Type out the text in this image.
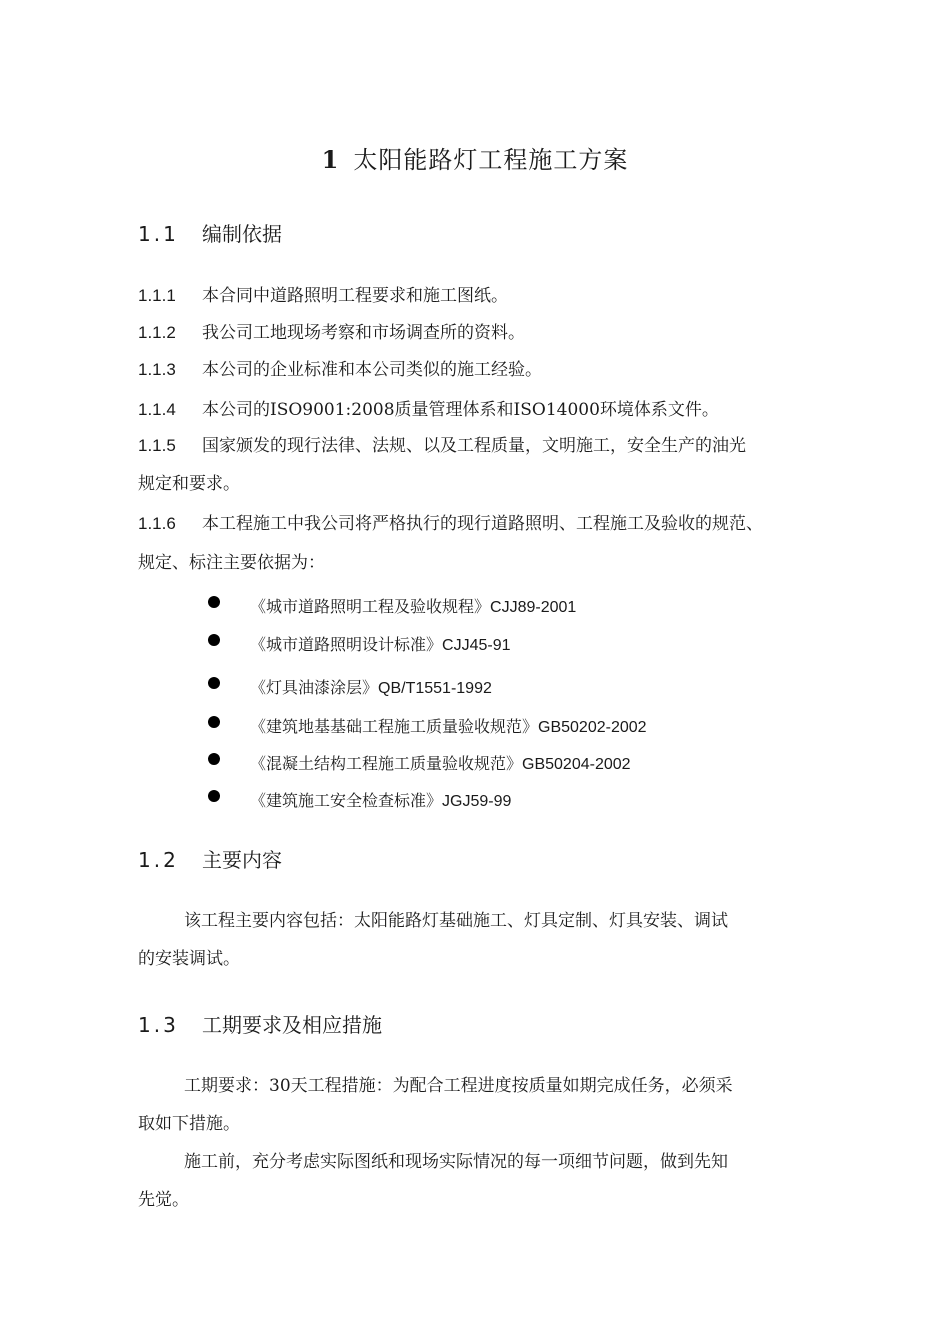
1 太阳能路灯工程施工方案
1.1 编制依据
1.1.1 本合同中道路照明工程要求和施工图纸。
1.1.2 我公司工地现场考察和市场调查所的资料。
1.1.3 本公司的企业标准和本公司类似的施工经验。
1.1.4 本公司的ISO9001:2008质量管理体系和ISO14000环境体系文件。
1.1.5 国家颁发的现行法律、法规、以及工程质量，文明施工，安全生产的油光
规定和要求。
1.1.6 本工程施工中我公司将严格执行的现行道路照明、工程施工及验收的规范、
规定、标注主要依据为：
《城市道路照明工程及验收规程》CJJ89-2001
《城市道路照明设计标准》CJJ45-91
《灯具油漆涂层》QB/T1551-1992
《建筑地基基础工程施工质量验收规范》GB50202-2002
《混凝土结构工程施工质量验收规范》GB50204-2002
《建筑施工安全检查标准》JGJ59-99
1.2 主要内容
该工程主要内容包括：太阳能路灯基础施工、灯具定制、灯具安装、调试
的安装调试。
1.3 工期要求及相应措施
工期要求：30天工程措施：为配合工程进度按质量如期完成任务，必须采
取如下措施。
施工前，充分考虑实际图纸和现场实际情况的每一项细节问题，做到先知
先觉。
